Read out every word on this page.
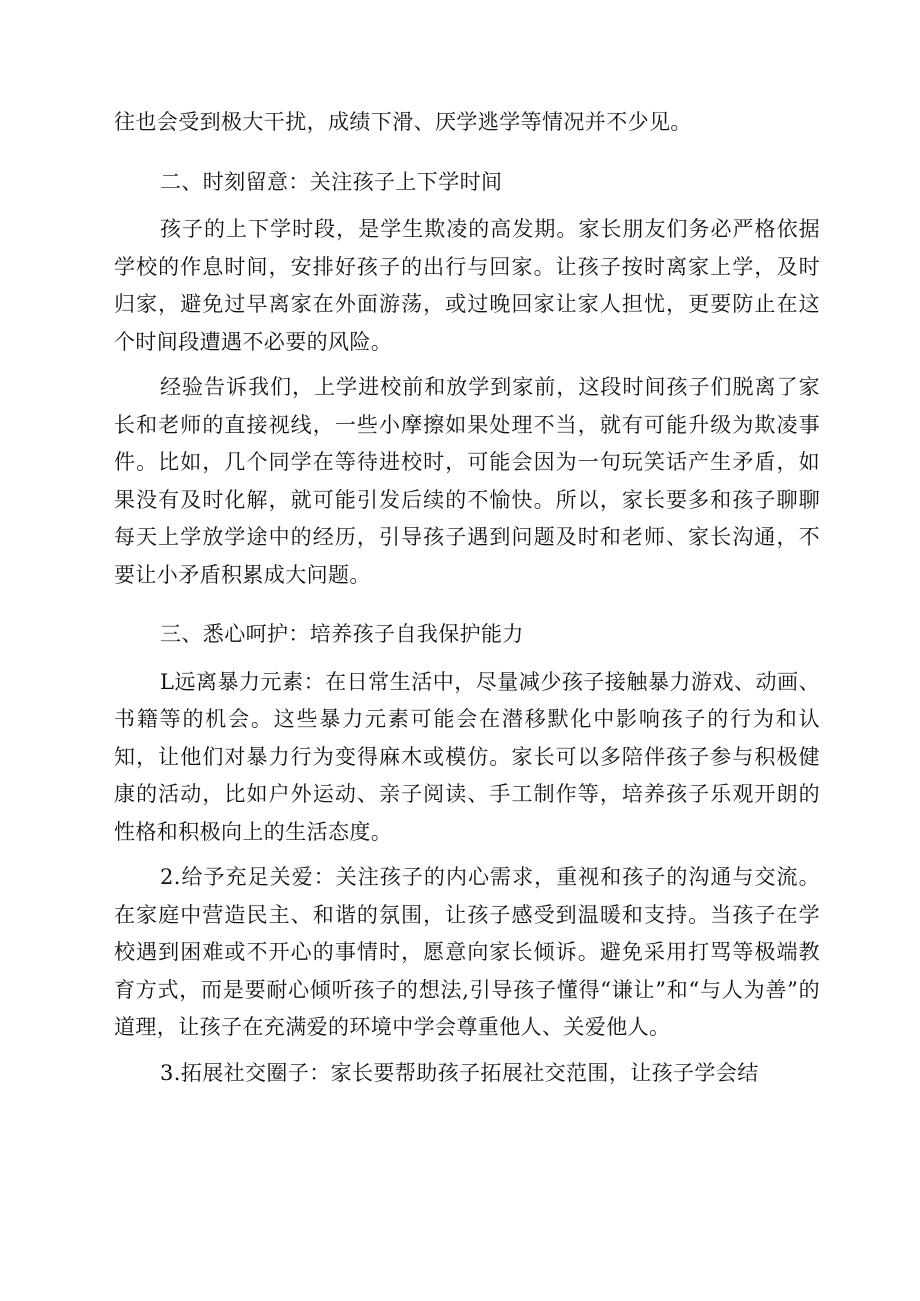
往也会受到极大干扰，成绩下滑、厌学逃学等情况并不少见。

二、时刻留意：关注孩子上下学时间

孩子的上下学时段，是学生欺凌的高发期。家长朋友们务必严格依据学校的作息时间，安排好孩子的出行与回家。让孩子按时离家上学，及时归家，避免过早离家在外面游荡，或过晚回家让家人担忧，更要防止在这个时间段遭遇不必要的风险。

经验告诉我们，上学进校前和放学到家前，这段时间孩子们脱离了家长和老师的直接视线，一些小摩擦如果处理不当，就有可能升级为欺凌事件。比如，几个同学在等待进校时，可能会因为一句玩笑话产生矛盾，如果没有及时化解，就可能引发后续的不愉快。所以，家长要多和孩子聊聊每天上学放学途中的经历，引导孩子遇到问题及时和老师、家长沟通，不要让小矛盾积累成大问题。

三、悉心呵护：培养孩子自我保护能力

L远离暴力元素：在日常生活中，尽量减少孩子接触暴力游戏、动画、书籍等的机会。这些暴力元素可能会在潜移默化中影响孩子的行为和认知，让他们对暴力行为变得麻木或模仿。家长可以多陪伴孩子参与积极健康的活动，比如户外运动、亲子阅读、手工制作等，培养孩子乐观开朗的性格和积极向上的生活态度。

2.给予充足关爱：关注孩子的内心需求，重视和孩子的沟通与交流。在家庭中营造民主、和谐的氛围，让孩子感受到温暖和支持。当孩子在学校遇到困难或不开心的事情时，愿意向家长倾诉。避免采用打骂等极端教育方式，而是要耐心倾听孩子的想法,引导孩子懂得“谦让”和“与人为善”的道理，让孩子在充满爱的环境中学会尊重他人、关爱他人。

3.拓展社交圈子：家长要帮助孩子拓展社交范围，让孩子学会结
